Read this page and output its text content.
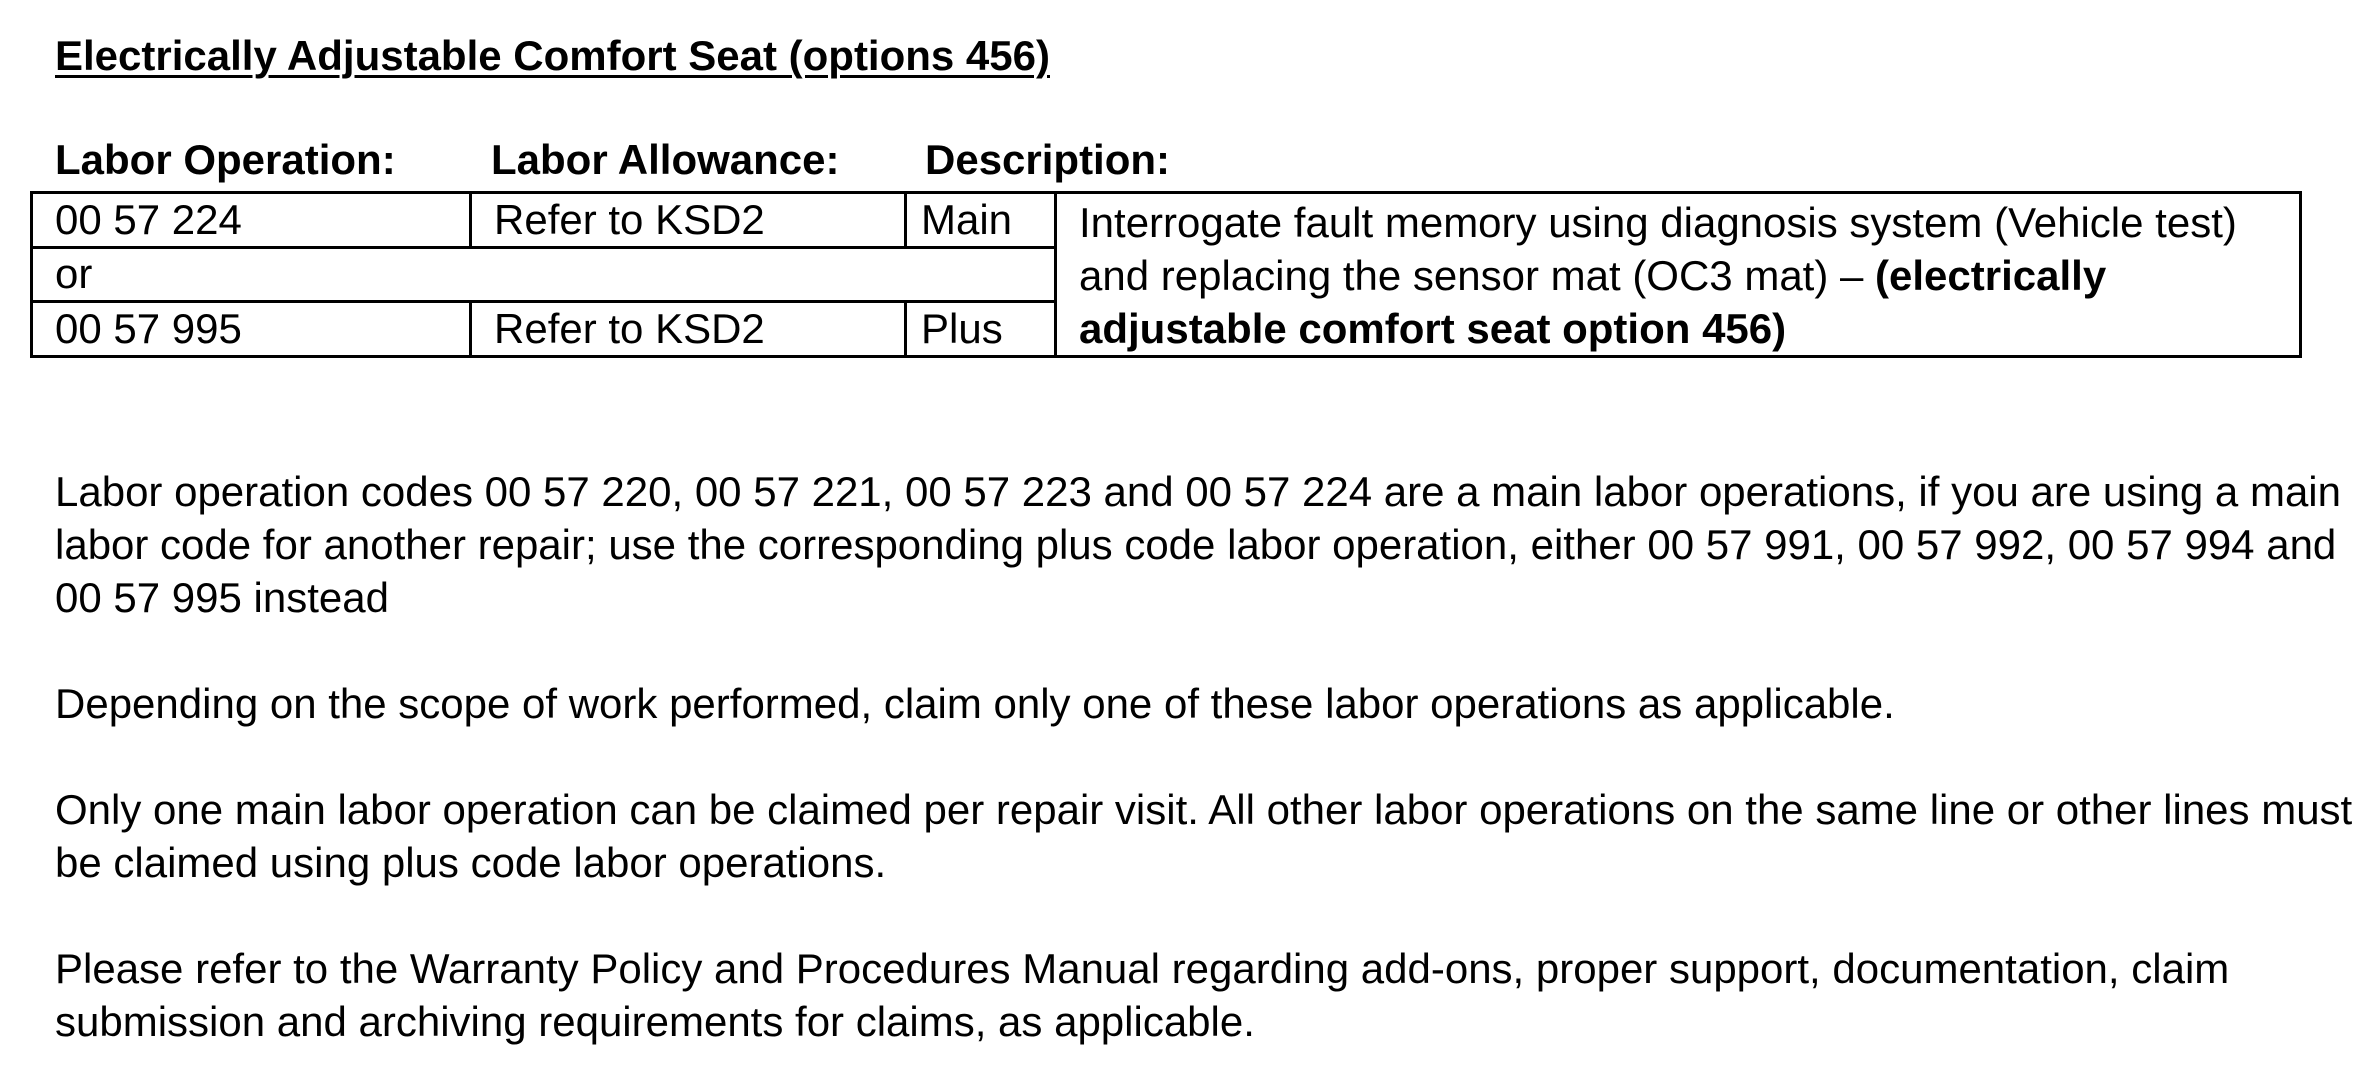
Electrically Adjustable Comfort Seat (options 456)
Labor Operation: Labor Allowance: Description:
00 57 224	Refer to KSD2	Main	Interrogate fault memory using diagnosis system (Vehicle test) and replacing the sensor mat (OC3 mat) – (electrically adjustable comfort seat option 456)
or			
00 57 995	Refer to KSD2	Plus	

Labor operation codes 00 57 220, 00 57 221, 00 57 223 and 00 57 224 are a main labor operations, if you are using a main labor code for another repair; use the corresponding plus code labor operation, either 00 57 991, 00 57 992, 00 57 994 and 00 57 995 instead

Depending on the scope of work performed, claim only one of these labor operations as applicable.

Only one main labor operation can be claimed per repair visit. All other labor operations on the same line or other lines must be claimed using plus code labor operations.

Please refer to the Warranty Policy and Procedures Manual regarding add-ons, proper support, documentation, claim submission and archiving requirements for claims, as applicable.
